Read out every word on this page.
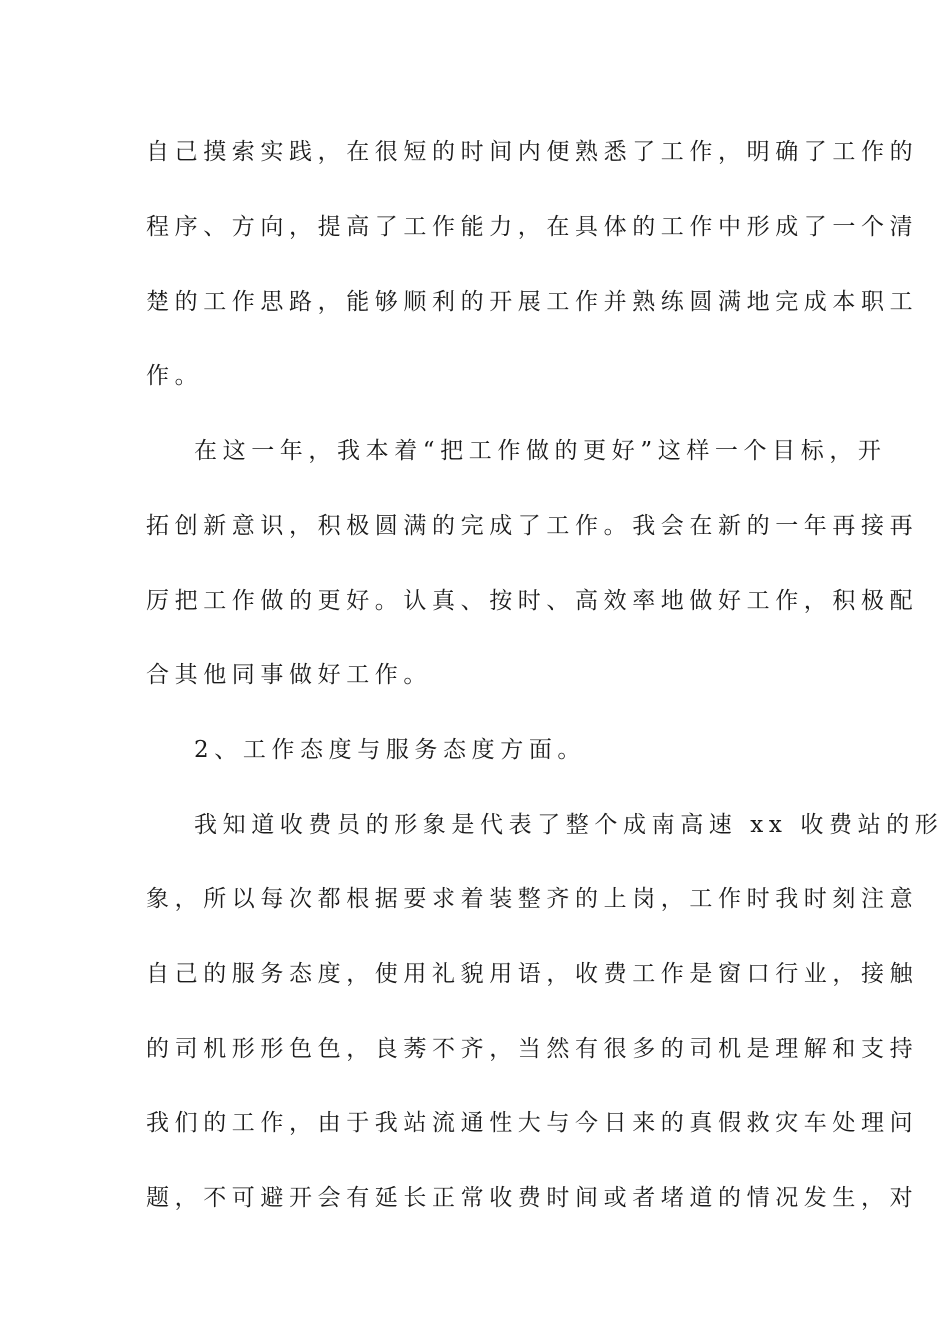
自己摸索实践，在很短的时间内便熟悉了工作，明确了工作的
程序、方向，提高了工作能力，在具体的工作中形成了一个清
楚的工作思路，能够顺利的开展工作并熟练圆满地完成本职工
作。
在这一年，我本着“把工作做的更好”这样一个目标，开
拓创新意识，积极圆满的完成了工作。我会在新的一年再接再
厉把工作做的更好。认真、按时、高效率地做好工作，积极配
合其他同事做好工作。
2、工作态度与服务态度方面。
我知道收费员的形象是代表了整个成南高速 xx 收费站的形
象，所以每次都根据要求着装整齐的上岗，工作时我时刻注意
自己的服务态度，使用礼貌用语，收费工作是窗口行业，接触
的司机形形色色，良莠不齐，当然有很多的司机是理解和支持
我们的工作，由于我站流通性大与今日来的真假救灾车处理问
题，不可避开会有延长正常收费时间或者堵道的情况发生，对
